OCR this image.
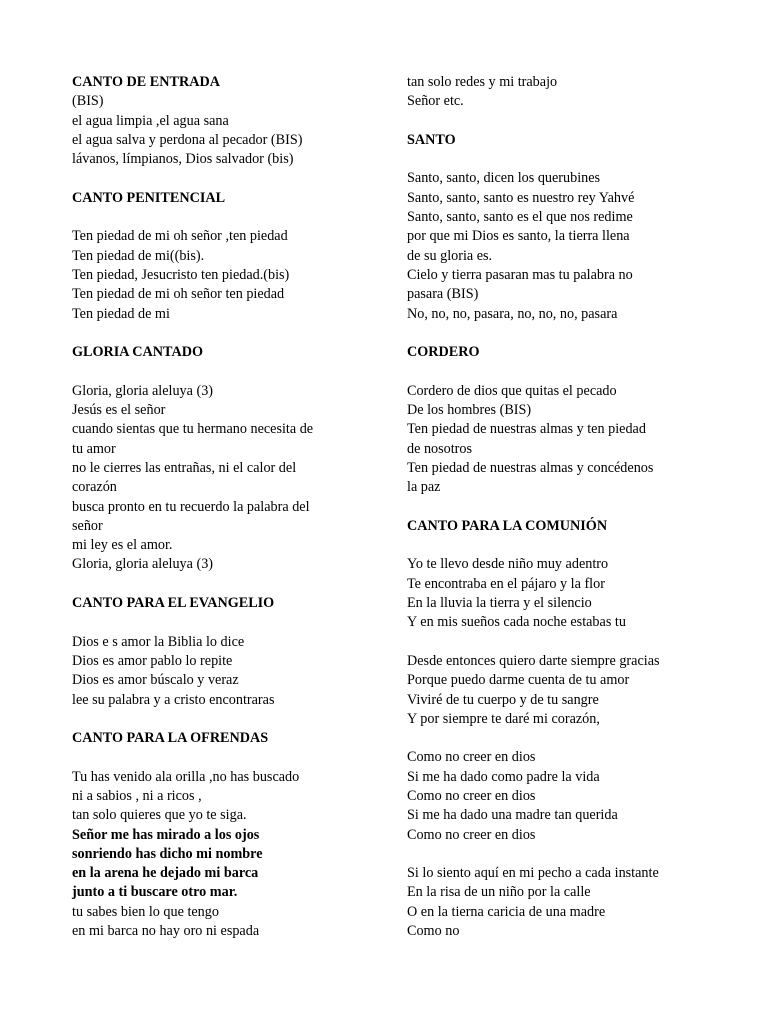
CANTO DE ENTRADA
(BIS)
el agua limpia ,el agua sana
el agua salva y perdona al pecador (BIS)
lávanos, límpianos, Dios salvador (bis)
CANTO PENITENCIAL
Ten piedad de mi oh señor ,ten piedad
Ten piedad de mi((bis).
Ten piedad, Jesucristo ten piedad.(bis)
Ten piedad de mi oh señor ten piedad
Ten piedad de mi
GLORIA CANTADO
Gloria, gloria aleluya (3)
Jesús es el señor
cuando sientas que tu hermano necesita de
tu amor
no le cierres las entrañas, ni el calor del
corazón
busca pronto en tu recuerdo la palabra del
señor
mi ley es el amor.
Gloria, gloria aleluya (3)
CANTO PARA EL EVANGELIO
Dios e s amor la Biblia lo dice
Dios es amor pablo lo repite
Dios es amor búscalo y veraz
lee su palabra y a cristo encontraras
CANTO PARA LA OFRENDAS
Tu has venido ala orilla ,no has buscado
ni a sabios , ni a ricos ,
tan solo quieres que yo te siga.
Señor me has mirado a los ojos
sonriendo has dicho mi nombre
en la arena he dejado mi barca
junto a ti buscare otro mar.
tu sabes bien lo que tengo
en mi barca no hay oro ni espada
tan solo redes y mi trabajo
Señor etc.
SANTO
Santo, santo, dicen los querubines
Santo, santo, santo es nuestro rey Yahvé
Santo, santo, santo es el que nos redime
por que mi Dios es santo, la tierra llena
de su gloria es.
Cielo y tierra pasaran mas tu palabra no
pasara (BIS)
No, no, no, pasara, no, no, no, pasara
CORDERO
Cordero de dios que quitas el pecado
De los hombres (BIS)
Ten piedad de nuestras almas y ten piedad
de nosotros
Ten piedad de nuestras almas y concédenos
la paz
CANTO PARA LA COMUNIÓN
Yo te llevo desde niño muy adentro
Te encontraba en el pájaro y la flor
En la lluvia la tierra y el silencio
Y en mis sueños cada noche estabas tu
Desde entonces quiero darte siempre gracias
Porque puedo darme cuenta de tu amor
Viviré de tu cuerpo y de tu sangre
Y por siempre te daré mi corazón,
Como no creer en dios
Si me ha dado como padre la vida
Como no creer en dios
Si me ha dado una madre tan querida
Como no creer en dios
Si lo siento aquí en mi pecho a cada instante
En la risa de un niño por la calle
O en la tierna caricia de una madre
Como no
